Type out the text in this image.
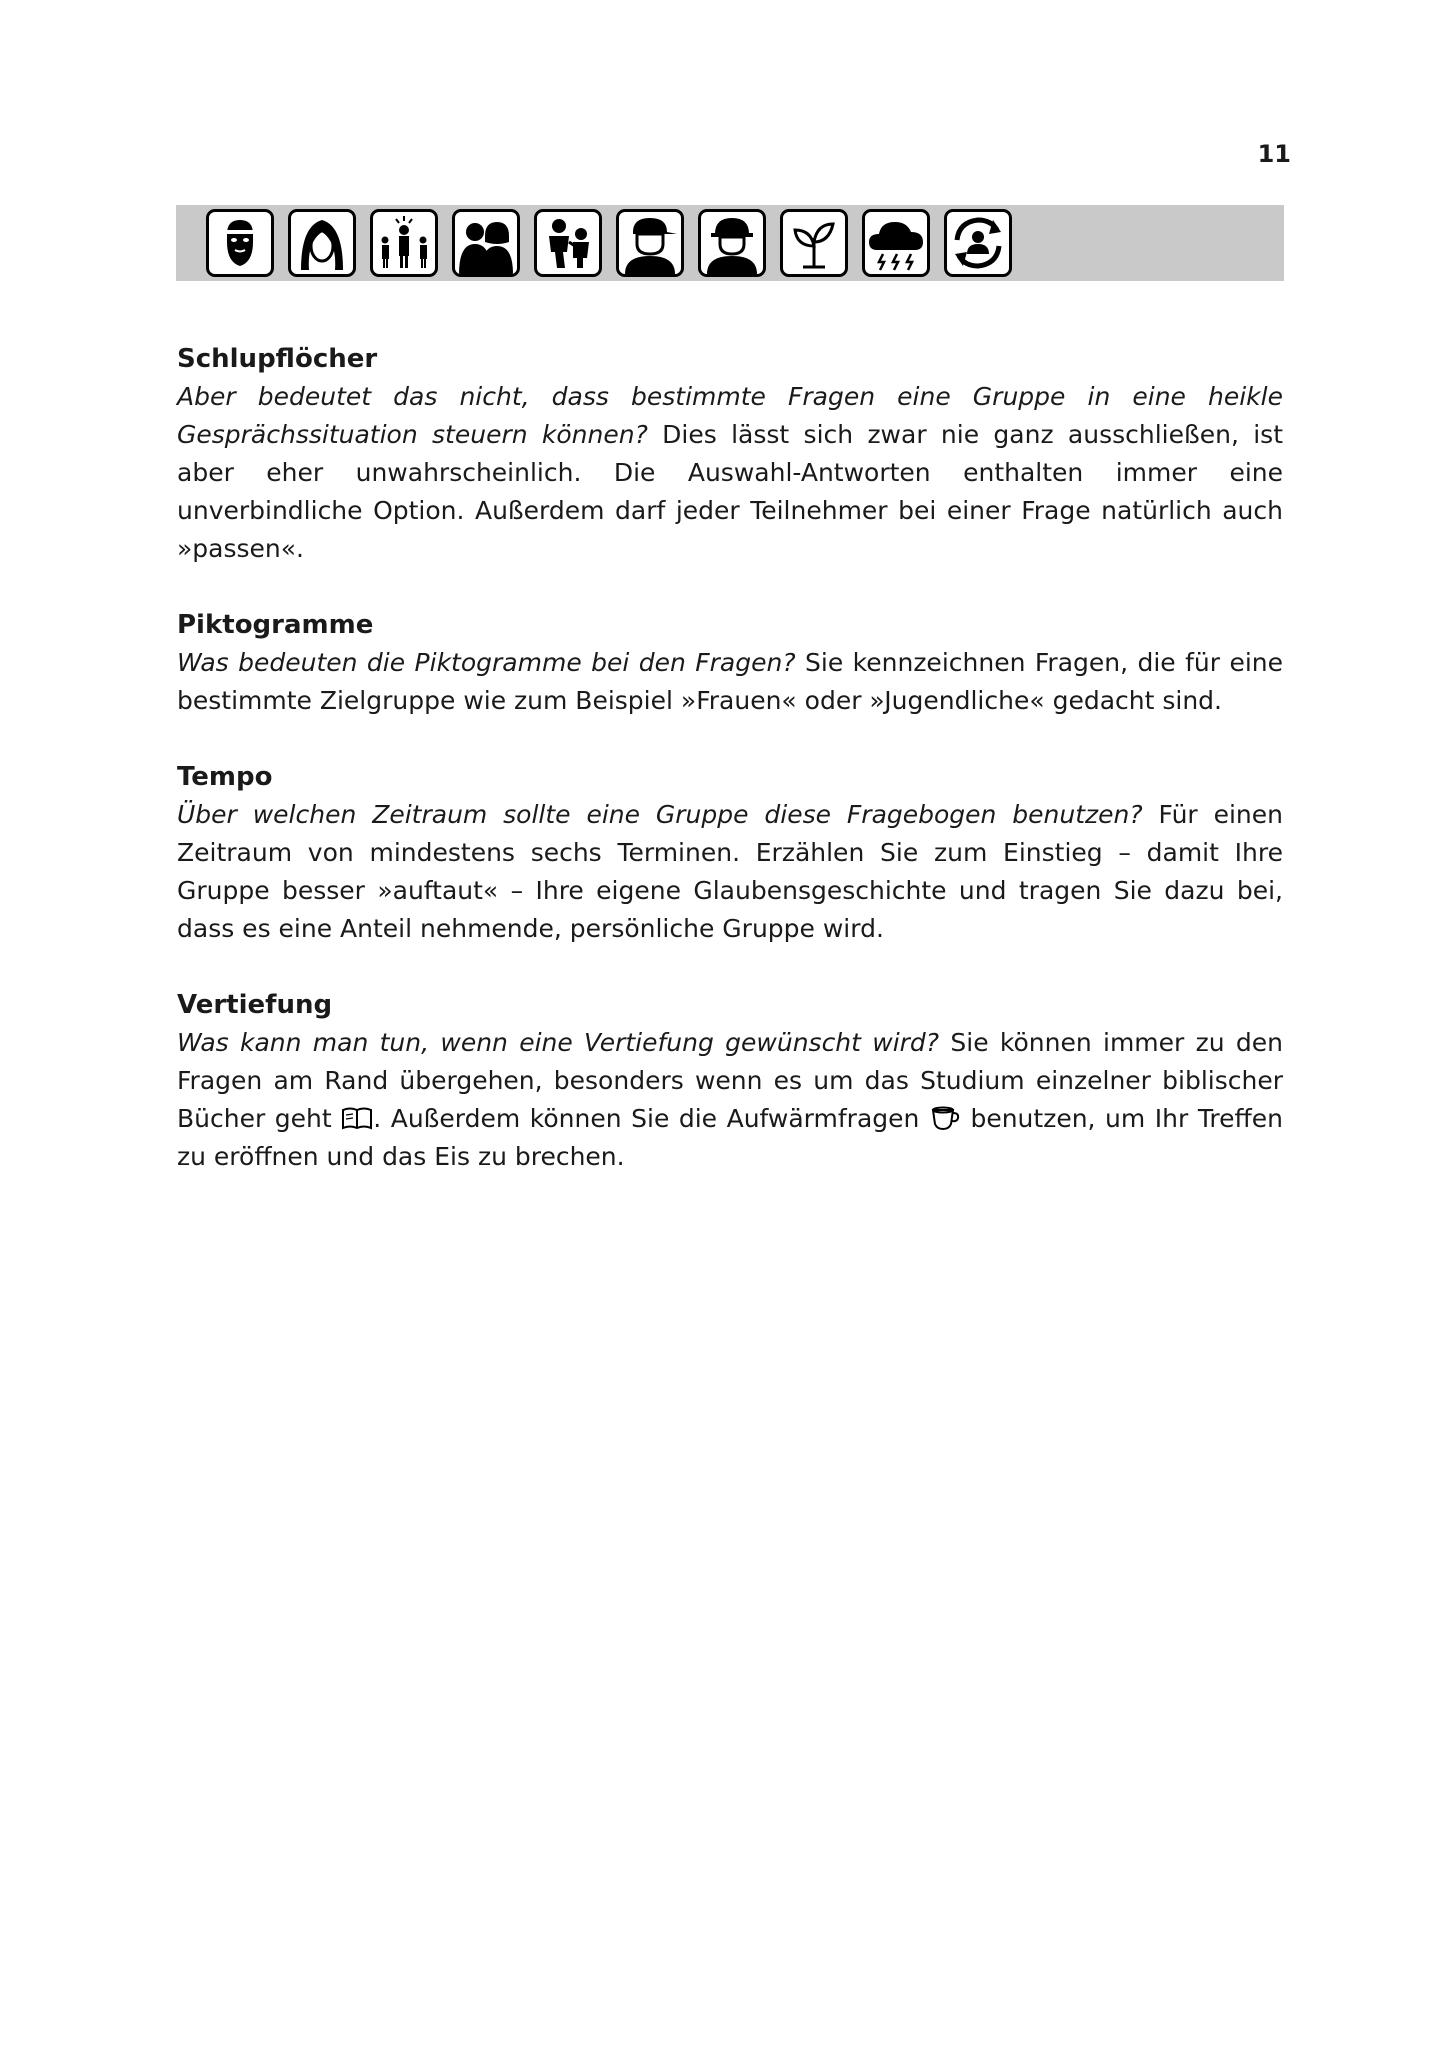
11

Schlupflöcher

Aber bedeutet das nicht, dass bestimmte Fragen eine Gruppe in eine heikle Gesprächssituation steuern können? Dies lässt sich zwar nie ganz ausschließen, ist aber eher unwahrscheinlich. Die Auswahl-Antworten enthalten immer eine unverbindliche Option. Außerdem darf jeder Teilnehmer bei einer Frage natürlich auch »passen«.

Piktogramme

Was bedeuten die Piktogramme bei den Fragen? Sie kennzeichnen Fragen, die für eine bestimmte Zielgruppe wie zum Beispiel »Frauen« oder »Jugendliche« gedacht sind.

Tempo

Über welchen Zeitraum sollte eine Gruppe diese Fragebogen benutzen? Für einen Zeitraum von mindestens sechs Terminen. Erzählen Sie zum Einstieg – damit Ihre Gruppe besser »auftaut« – Ihre eigene Glaubensgeschichte und tragen Sie dazu bei, dass es eine Anteil nehmende, persönliche Gruppe wird.

Vertiefung

Was kann man tun, wenn eine Vertiefung gewünscht wird? Sie können immer zu den Fragen am Rand übergehen, besonders wenn es um das Studium einzelner biblischer Bücher geht
. Außerdem können Sie die Aufwärmfragen
benutzen, um Ihr Treffen zu eröffnen und das Eis zu brechen.
